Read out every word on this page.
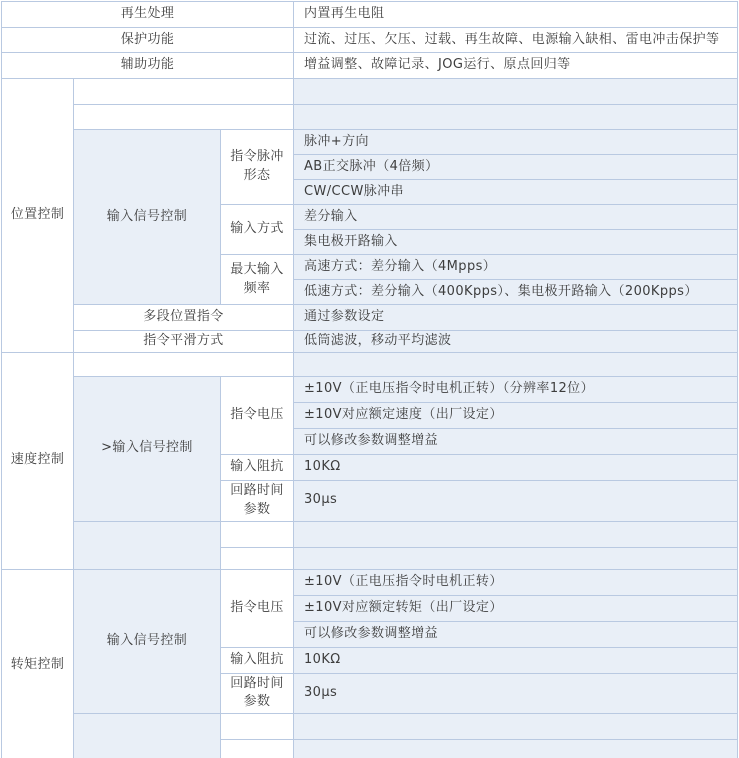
再生处理			内置再生电阻
保护功能			过流、过压、欠压、过载、再生故障、电源输入缺相、雷电冲击保护等
辅助功能			增益调整、故障记录、JOG运行、原点回归等
位置控制			

	输入信号控制	指令脉冲形态	脉冲+方向
			AB正交脉冲（4倍频）
			CW/CCW脉冲串
		输入方式	差分输入
			集电极开路输入
		最大输入频率	高速方式：差分输入（4Mpps）
			低速方式：差分输入（400Kpps）、集电极开路输入（200Kpps）
	多段位置指令		通过参数设定
	指令平滑方式		低筒滤波，移动平均滤波
速度控制			
	>输入信号控制	指令电压	±10V（正电压指令时电机正转）（分辨率12位）
			±10V对应额定速度（出厂设定）
			可以修改参数调整增益
		输入阻抗	10KΩ
		回路时间参数	30μs

转矩控制	输入信号控制	指令电压	±10V（正电压指令时电机正转）
			±10V对应额定转矩（出厂设定）
			可以修改参数调整增益
		输入阻抗	10KΩ
		回路时间参数	30μs
